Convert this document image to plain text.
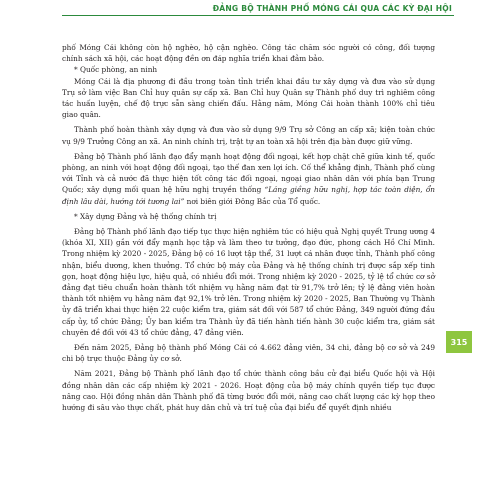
ĐẢNG BỘ THÀNH PHỐ MÓNG CÁI QUA CÁC KỲ ĐẠI HỘI

phố Móng Cái không còn hộ nghèo, hộ cận nghèo. Công tác chăm sóc người có công, đối tượng chính sách xã hội, các hoạt động đền ơn đáp nghĩa triển khai đảm bảo.

* Quốc phòng, an ninh

Móng Cái là địa phương đi đầu trong toàn tỉnh triển khai đầu tư xây dựng và đưa vào sử dụng Trụ sở làm việc Ban Chỉ huy quân sự cấp xã. Ban Chỉ huy Quân sự Thành phố duy trì nghiêm công tác huấn luyện, chế độ trực sẵn sàng chiến đấu. Hằng năm, Móng Cái hoàn thành 100% chỉ tiêu giao quân.

Thành phố hoàn thành xây dựng và đưa vào sử dụng 9/9 Trụ sở Công an cấp xã; kiện toàn chức vụ 9/9 Trưởng Công an xã. An ninh chính trị, trật tự an toàn xã hội trên địa bàn được giữ vững.

Đảng bộ Thành phố lãnh đạo đẩy mạnh hoạt động đối ngoại, kết hợp chặt chẽ giữa kinh tế, quốc phòng, an ninh với hoạt động đối ngoại, tạo thế đan xen lợi ích. Cố thể khẳng định, Thành phố cùng với Tỉnh và cả nước đã thực hiện tốt công tác đối ngoại, ngoại giao nhân dân với phía bạn Trung Quốc; xây dựng mối quan hệ hữu nghị truyền thống “Láng giềng hữu nghị, hợp tác toàn diện, ổn định lâu dài, hướng tới tương lai” nơi biên giới Đông Bắc của Tổ quốc.

* Xây dựng Đảng và hệ thống chính trị

Đảng bộ Thành phố lãnh đạo tiếp tục thực hiện nghiêm túc có hiệu quả Nghị quyết Trung ương 4 (khóa XI, XII) gắn với đẩy mạnh học tập và làm theo tư tưởng, đạo đức, phong cách Hồ Chí Minh. Trong nhiệm kỳ 2020 - 2025, Đảng bộ có 16 lượt tập thể, 31 lượt cá nhân được tỉnh, Thành phố công nhận, biểu dương, khen thưởng. Tổ chức bộ máy của Đảng và hệ thống chính trị được sắp xếp tinh gọn, hoạt động hiệu lực, hiệu quả, có nhiều đổi mới. Trong nhiệm kỳ 2020 - 2025, tỷ lệ tổ chức cơ sở đảng đạt tiêu chuẩn hoàn thành tốt nhiệm vụ hằng năm đạt từ 91,7% trở lên; tỷ lệ đảng viên hoàn thành tốt nhiệm vụ hằng năm đạt 92,1% trở lên. Trong nhiệm kỳ 2020 - 2025, Ban Thường vụ Thành ủy đã triển khai thực hiện 22 cuộc kiểm tra, giám sát đối với 587 tổ chức Đảng, 349 người đứng đầu cấp ủy, tổ chức Đảng; Ủy ban kiểm tra Thành ủy đã tiến hành tiến hành 30 cuộc kiểm tra, giám sát chuyên đề đối với 43 tổ chức đảng, 47 đảng viên.

Đến năm 2025, Đảng bộ thành phố Móng Cái có 4.662 đảng viên, 34 chi, đảng bộ cơ sở và 249 chi bộ trực thuộc Đảng ủy cơ sở.

Năm 2021, Đảng bộ Thành phố lãnh đạo tổ chức thành công bầu cử đại biểu Quốc hội và Hội đồng nhân dân các cấp nhiệm kỳ 2021 - 2026. Hoạt động của bộ máy chính quyền tiếp tục được nâng cao. Hội đồng nhân dân Thành phố đã từng bước đổi mới, nâng cao chất lượng các kỳ họp theo hướng đi sâu vào thực chất, phát huy dân chủ và trí tuệ của đại biểu để quyết định nhiều

315
